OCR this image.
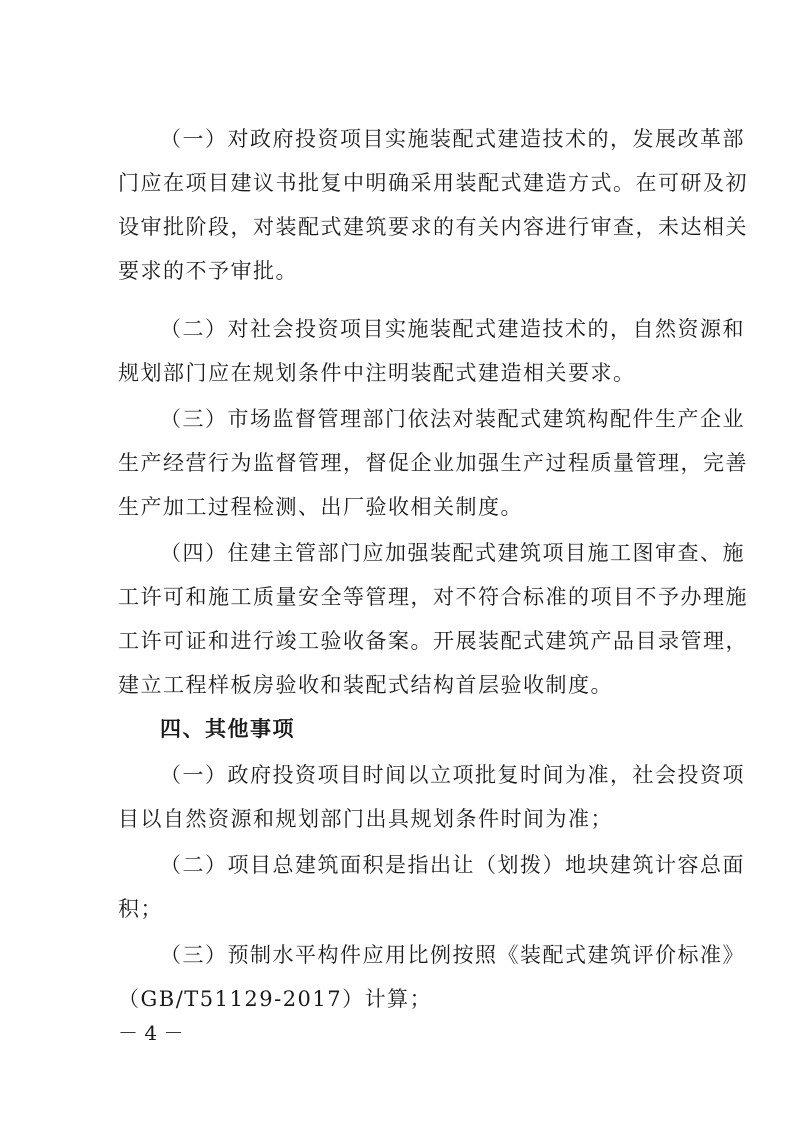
（一）对政府投资项目实施装配式建造技术的，发展改革部
门应在项目建议书批复中明确采用装配式建造方式。在可研及初
设审批阶段，对装配式建筑要求的有关内容进行审查，未达相关
要求的不予审批。
（二）对社会投资项目实施装配式建造技术的，自然资源和
规划部门应在规划条件中注明装配式建造相关要求。
（三）市场监督管理部门依法对装配式建筑构配件生产企业
生产经营行为监督管理，督促企业加强生产过程质量管理，完善
生产加工过程检测、出厂验收相关制度。
（四）住建主管部门应加强装配式建筑项目施工图审查、施
工许可和施工质量安全等管理，对不符合标准的项目不予办理施
工许可证和进行竣工验收备案。开展装配式建筑产品目录管理，
建立工程样板房验收和装配式结构首层验收制度。
四、其他事项
（一）政府投资项目时间以立项批复时间为准，社会投资项
目以自然资源和规划部门出具规划条件时间为准；
（二）项目总建筑面积是指出让（划拨）地块建筑计容总面
积；
（三）预制水平构件应用比例按照《装配式建筑评价标准》
（GB/T51129-2017）计算；
－ 4 －
